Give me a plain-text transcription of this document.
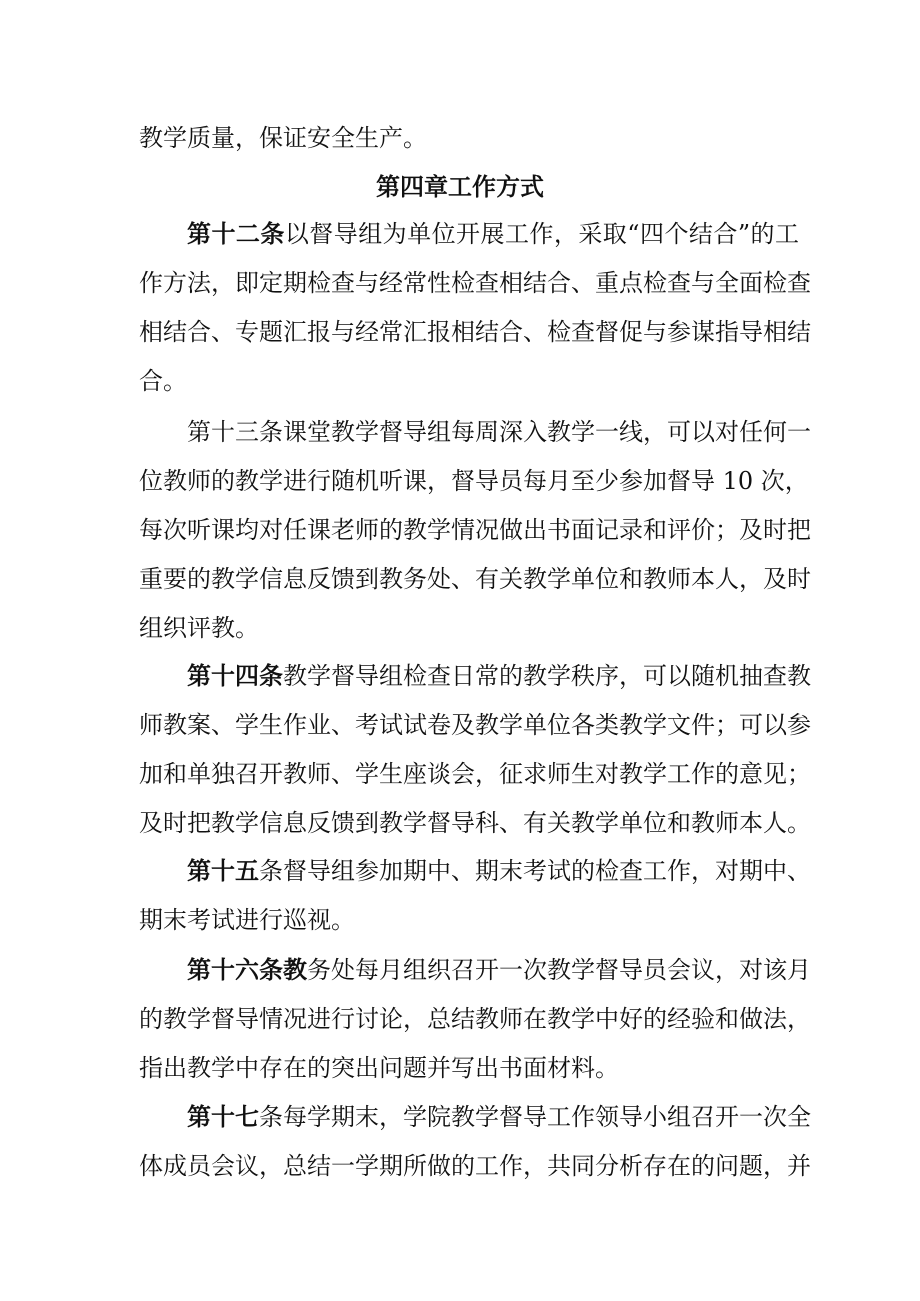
教学质量，保证安全生产。
第四章工作方式
第十二条以督导组为单位开展工作，采取“四个结合”的工
作方法，即定期检查与经常性检查相结合、重点检查与全面检查
相结合、专题汇报与经常汇报相结合、检查督促与参谋指导相结
合。
第十三条课堂教学督导组每周深入教学一线，可以对任何一
位教师的教学进行随机听课，督导员每月至少参加督导 10 次，
每次听课均对任课老师的教学情况做出书面记录和评价；及时把
重要的教学信息反馈到教务处、有关教学单位和教师本人，及时
组织评教。
第十四条教学督导组检查日常的教学秩序，可以随机抽查教
师教案、学生作业、考试试卷及教学单位各类教学文件；可以参
加和单独召开教师、学生座谈会，征求师生对教学工作的意见；
及时把教学信息反馈到教学督导科、有关教学单位和教师本人。
第十五条督导组参加期中、期末考试的检查工作，对期中、
期末考试进行巡视。
第十六条教务处每月组织召开一次教学督导员会议，对该月
的教学督导情况进行讨论，总结教师在教学中好的经验和做法，
指出教学中存在的突出问题并写出书面材料。
第十七条每学期末，学院教学督导工作领导小组召开一次全
体成员会议，总结一学期所做的工作，共同分析存在的问题，并
